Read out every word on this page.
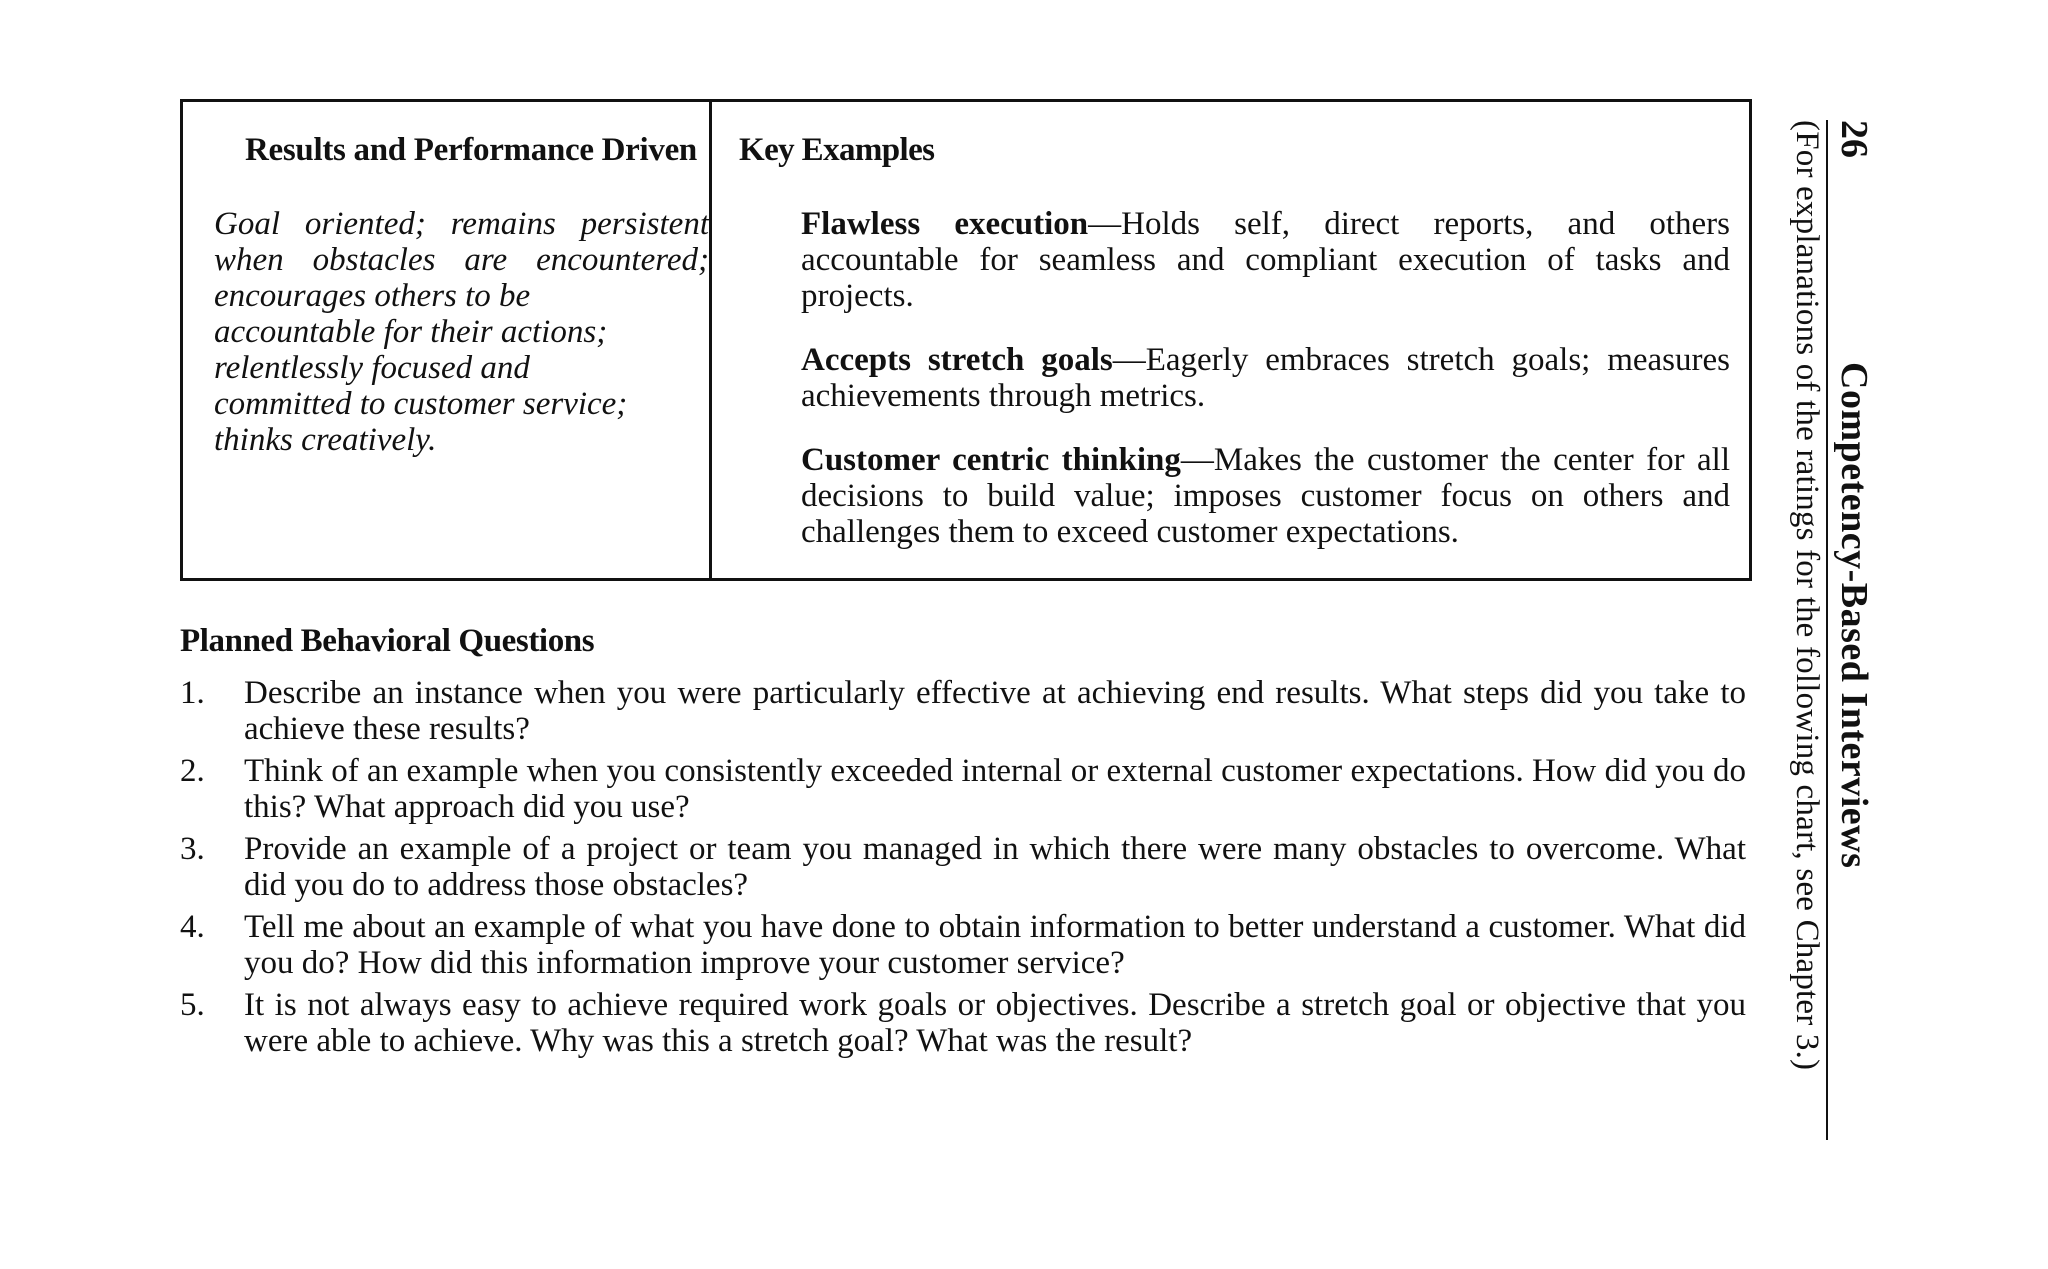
Results and Performance Driven
Goal oriented; remains persistent
when obstacles are encountered;
encourages others to be
accountable for their actions;
relentlessly focused and
committed to customer service;
thinks creatively.
Key Examples
Flawless execution—Holds self, direct reports, and others accountable for seamless and compliant execution of tasks and projects.
Accepts stretch goals—Eagerly embraces stretch goals; measures achievements through metrics.
Customer centric thinking—Makes the customer the center for all decisions to build value; imposes customer focus on others and challenges them to exceed customer expectations.
Planned Behavioral Questions
1. Describe an instance when you were particularly effective at achieving end results. What steps did you take to achieve these results?
2. Think of an example when you consistently exceeded internal or external customer expectations. How did you do this? What approach did you use?
3. Provide an example of a project or team you managed in which there were many obstacles to overcome. What did you do to address those obstacles?
4. Tell me about an example of what you have done to obtain information to better understand a customer. What did you do? How did this information improve your customer service?
5. It is not always easy to achieve required work goals or objectives. Describe a stretch goal or objective that you were able to achieve. Why was this a stretch goal? What was the result?
26
Competency-Based Interviews
(For explanations of the ratings for the following chart, see Chapter 3.)
